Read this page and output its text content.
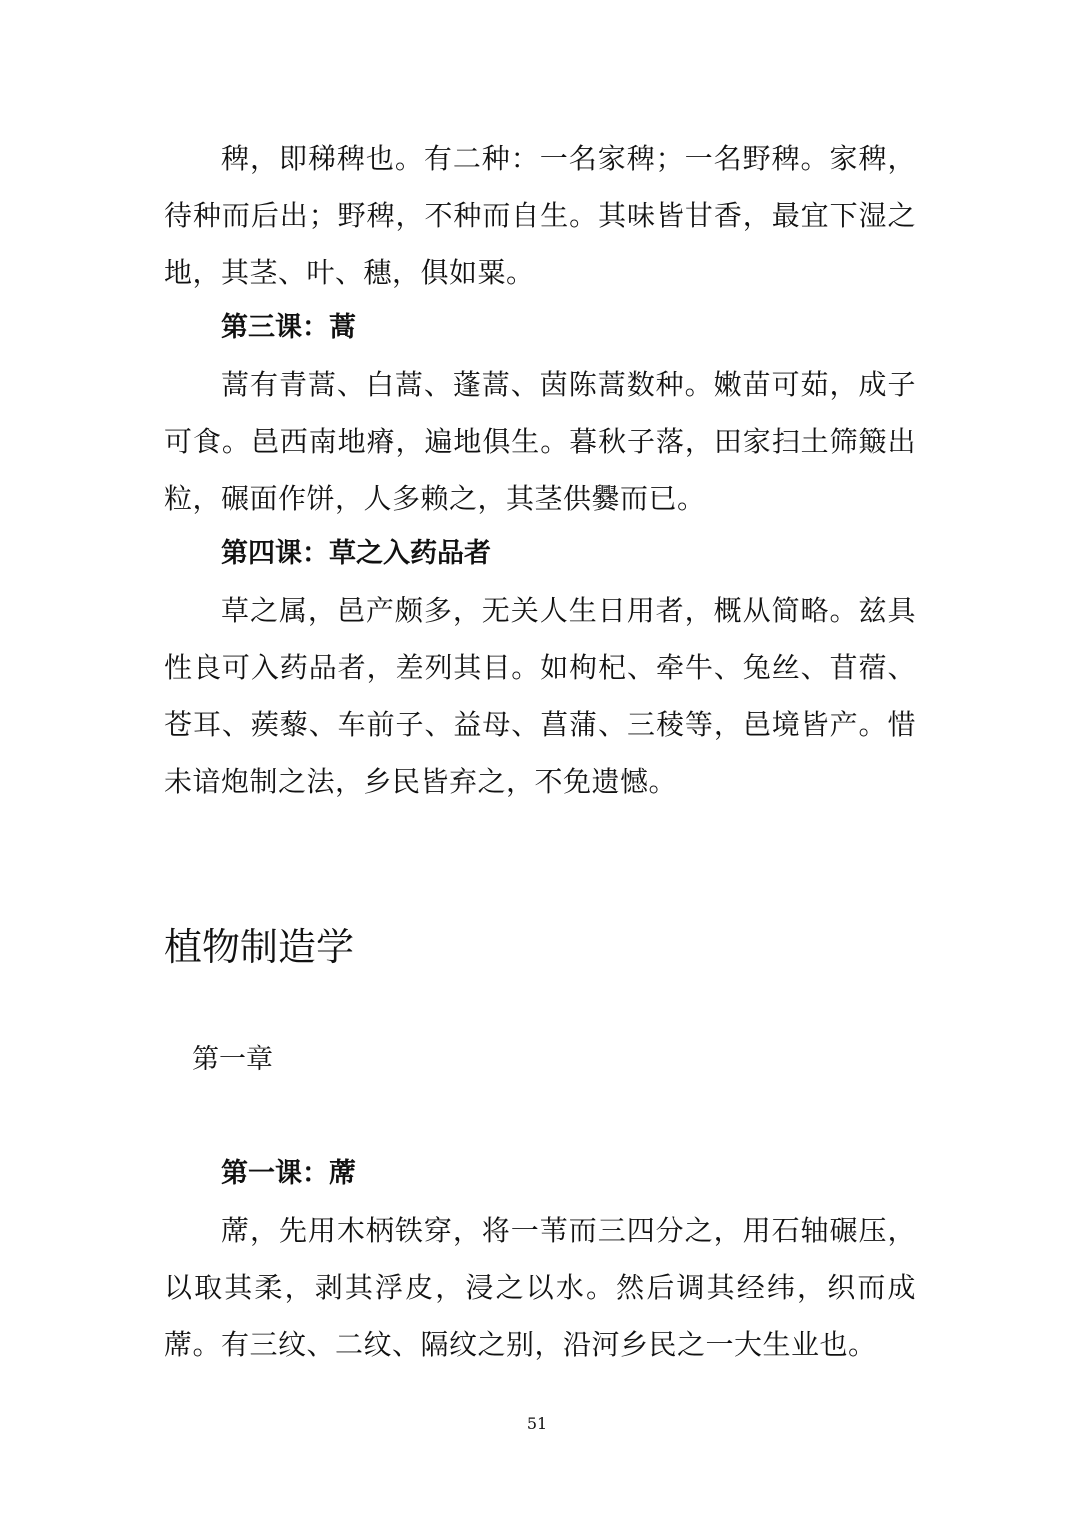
稗，即稊稗也。有二种：一名家稗；一名野稗。家稗，待种而后出；野稗，不种而自生。其味皆甘香，最宜下湿之地，其茎、叶、穗，俱如粟。

第三课：蒿

蒿有青蒿、白蒿、蓬蒿、茵陈蒿数种。嫩苗可茹，成子可食。邑西南地瘠，遍地俱生。暮秋子落，田家扫土筛簸出粒，碾面作饼，人多赖之，其茎供爨而已。

第四课：草之入药品者

草之属，邑产颇多，无关人生日用者，概从简略。兹具性良可入药品者，差列其目。如枸杞、牵牛、兔丝、苜蓿、苍耳、蒺藜、车前子、益母、菖蒲、三稜等，邑境皆产。惜未谙炮制之法，乡民皆弃之，不免遗憾。

植物制造学
第一章
第一课：蓆

蓆，先用木柄铁穿，将一苇而三四分之，用石轴碾压，以取其柔，剥其浮皮，浸之以水。然后调其经纬，织而成蓆。有三纹、二纹、隔纹之别，沿河乡民之一大生业也。

51
